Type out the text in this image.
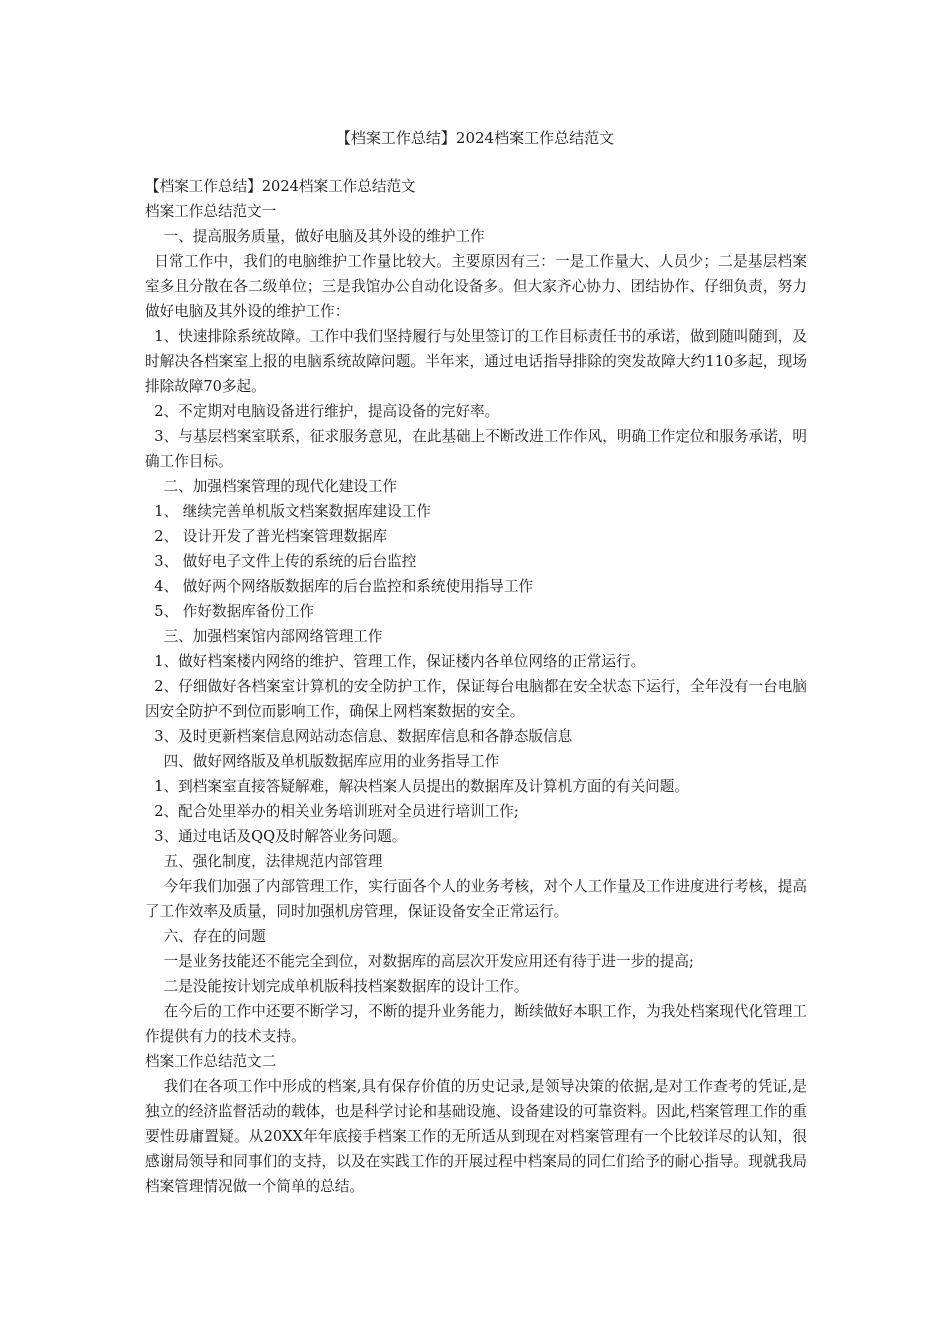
【档案工作总结】2024档案工作总结范文

【档案工作总结】2024档案工作总结范文

档案工作总结范文一

一、提高服务质量，做好电脑及其外设的维护工作

日常工作中，我们的电脑维护工作量比较大。主要原因有三：一是工作量大、人员少；二是基层档案室多且分散在各二级单位；三是我馆办公自动化设备多。但大家齐心协力、团结协作、仔细负责，努力做好电脑及其外设的维护工作：

1、快速排除系统故障。工作中我们坚持履行与处里签订的工作目标责任书的承诺，做到随叫随到，及时解决各档案室上报的电脑系统故障问题。半年来，通过电话指导排除的突发故障大约110多起，现场排除故障70多起。

2、不定期对电脑设备进行维护，提高设备的完好率。

3、与基层档案室联系，征求服务意见，在此基础上不断改进工作作风，明确工作定位和服务承诺，明确工作目标。

二、加强档案管理的现代化建设工作

1、 继续完善单机版文档案数据库建设工作

2、 设计开发了普光档案管理数据库

3、 做好电子文件上传的系统的后台监控

4、 做好两个网络版数据库的后台监控和系统使用指导工作

5、 作好数据库备份工作

三、加强档案馆内部网络管理工作

1、做好档案楼内网络的维护、管理工作，保证楼内各单位网络的正常运行。

2、仔细做好各档案室计算机的安全防护工作，保证每台电脑都在安全状态下运行，全年没有一台电脑因安全防护不到位而影响工作，确保上网档案数据的安全。

3、及时更新档案信息网站动态信息、数据库信息和各静态版信息

四、做好网络版及单机版数据库应用的业务指导工作

1、到档案室直接答疑解难，解决档案人员提出的数据库及计算机方面的有关问题。

2、配合处里举办的相关业务培训班对全员进行培训工作;

3、通过电话及QQ及时解答业务问题。

五、强化制度，法律规范内部管理

今年我们加强了内部管理工作，实行面各个人的业务考核，对个人工作量及工作进度进行考核，提高了工作效率及质量，同时加强机房管理，保证设备安全正常运行。

六、存在的问题

一是业务技能还不能完全到位，对数据库的高层次开发应用还有待于进一步的提高;

二是没能按计划完成单机版科技档案数据库的设计工作。

在今后的工作中还要不断学习，不断的提升业务能力，断续做好本职工作，为我处档案现代化管理工作提供有力的技术支持。

档案工作总结范文二

我们在各项工作中形成的档案,具有保存价值的历史记录,是领导决策的依据,是对工作查考的凭证,是独立的经济监督活动的载体，也是科学讨论和基础设施、设备建设的可靠资料。因此,档案管理工作的重要性毋庸置疑。从20XX年年底接手档案工作的无所适从到现在对档案管理有一个比较详尽的认知，很感谢局领导和同事们的支持，以及在实践工作的开展过程中档案局的同仁们给予的耐心指导。现就我局档案管理情况做一个简单的总结。
